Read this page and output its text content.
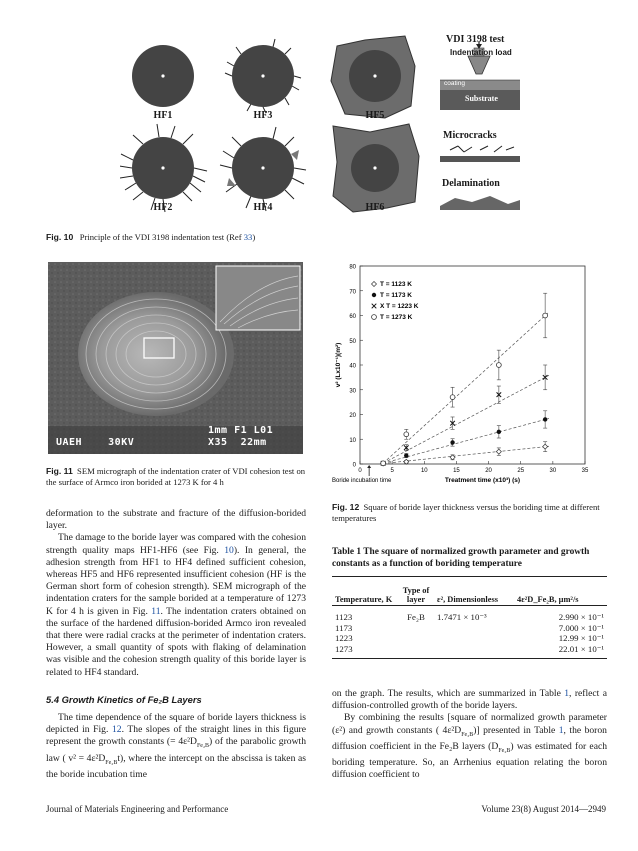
HF1	HF3	HF5
HF2	HF4	HF6
VDI 3198 test
Indentation load
coating
Substrate
Microcracks
Delamination
Fig. 10 Principle of the VDI 3198 indentation test (Ref 33)
1mm F1 L01
UAEH    30KV	X35  22mm
Fig. 11 SEM micrograph of the indentation crater of VDI cohesion test on the surface of Armco iron borided at 1273 K for 4 h

deformation to the substrate and fracture of the diffusion-borided layer.

The damage to the boride layer was compared with the cohesion strength quality maps HF1-HF6 (see Fig. 10). In general, the adhesion strength from HF1 to HF4 defined sufficient cohesion, whereas HF5 and HF6 represented insufficient cohesion (HF is the German short form of cohesion strength). SEM micrograph of the indentation craters for the sample borided at a temperature of 1273 K for 4 h is given in Fig. 11. The indentation craters obtained on the surface of the hardened diffusion-borided Armco iron revealed that there were radial cracks at the perimeter of indentation craters. However, a small quantity of spots with flaking of delamination was visible and the cohesion strength quality of this boride layer is related to HF4 standard.

5.4 Growth Kinetics of Fe₂B Layers

The time dependence of the square of boride layers thickness is depicted in Fig. 12. The slopes of the straight lines in this figure represent the growth constants (= $4\varepsilon^2D_{Fe_2B}$) of the parabolic growth law ( $v^2 = 4\varepsilon^2D_{Fe_2B}t$), where the intercept on the abscissa is taken as the boride incubation time

0
10
20
30
40
50
60
70
80
0	5	10	15	20	25	30	35
Treatment time (x10³) (s)
v² (Lx10⁻¹)(m²)
Boride incubation time
T = 1123 K
T = 1173 K
X T = 1223 K
T = 1273 K
Fig. 12 Square of boride layer thickness versus the boriding time at different temperatures
Table 1 The square of normalized growth parameter and growth constants as a function of boriding temperature
Temperature, K	Type of layer	ε², Dimensionless	4ε²D_Fe₂B, µm²/s
1123	Fe₂B	1.7471 × 10⁻³	2.990 × 10⁻¹
1173			7.000 × 10⁻¹
1223			12.99 × 10⁻¹
1273			22.01 × 10⁻¹

on the graph. The results, which are summarized in Table 1, reflect a diffusion-controlled growth of the boride layers.

By combining the results [square of normalized growth parameter (ε²) and growth constants ( $4\varepsilon^2D_{Fe_2B}$)] presented in Table 1, the boron diffusion coefficient in the Fe₂B layers $(D_{Fe_2B})$ was estimated for each boriding temperature. So, an Arrhenius equation relating the boron diffusion coefficient to

Journal of Materials Engineering and Performance	Volume 23(8) August 2014—2949
